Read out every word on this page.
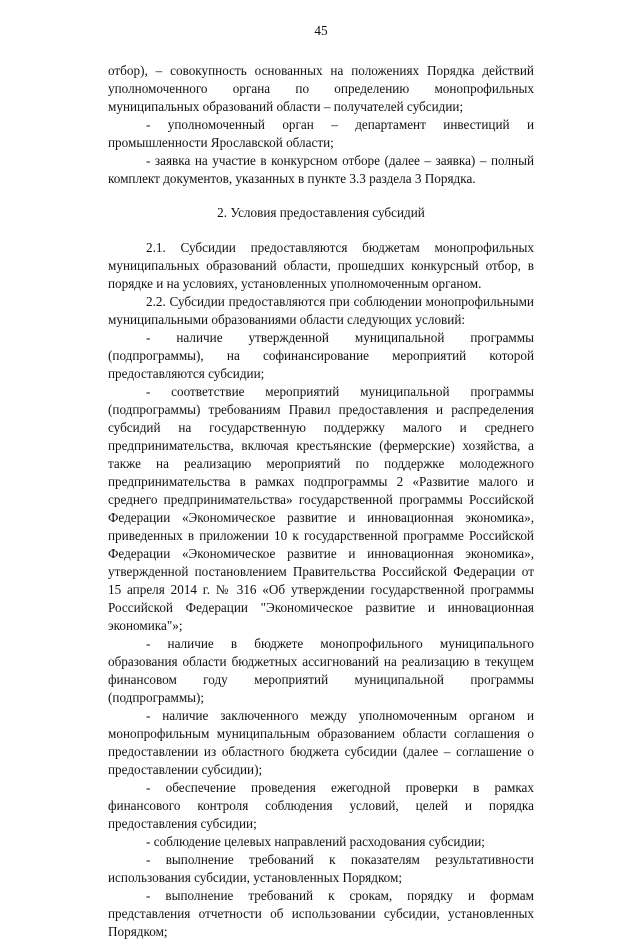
45

отбор), – совокупность основанных на положениях Порядка действий уполномоченного органа по определению монопрофильных муниципальных образований области – получателей субсидии;

- уполномоченный орган – департамент инвестиций и промышленности Ярославской области;

- заявка на участие в конкурсном отборе (далее – заявка) – полный комплект документов, указанных в пункте 3.3 раздела 3 Порядка.

2. Условия предоставления субсидий

2.1. Субсидии предоставляются бюджетам монопрофильных муниципальных образований области, прошедших конкурсный отбор, в порядке и на условиях, установленных уполномоченным органом.

2.2. Субсидии предоставляются при соблюдении монопрофильными муниципальными образованиями области следующих условий:

- наличие утвержденной муниципальной программы (подпрограммы), на софинансирование мероприятий которой предоставляются субсидии;

- соответствие мероприятий муниципальной программы (подпрограммы) требованиям Правил предоставления и распределения субсидий на государственную поддержку малого и среднего предпринимательства, включая крестьянские (фермерские) хозяйства, а также на реализацию мероприятий по поддержке молодежного предпринимательства в рамках подпрограммы 2 «Развитие малого и среднего предпринимательства» государственной программы Российской Федерации «Экономическое развитие и инновационная экономика», приведенных в приложении 10 к государственной программе Российской Федерации «Экономическое развитие и инновационная экономика», утвержденной постановлением Правительства Российской Федерации от 15 апреля 2014 г. № 316 «Об утверждении государственной программы Российской Федерации "Экономическое развитие и инновационная экономика"»;

- наличие в бюджете монопрофильного муниципального образования области бюджетных ассигнований на реализацию в текущем финансовом году мероприятий муниципальной программы (подпрограммы);

- наличие заключенного между уполномоченным органом и монопрофильным муниципальным образованием области соглашения о предоставлении из областного бюджета субсидии (далее – соглашение о предоставлении субсидии);

- обеспечение проведения ежегодной проверки в рамках финансового контроля соблюдения условий, целей и порядка предоставления субсидии;

- соблюдение целевых направлений расходования субсидии;

- выполнение требований к показателям результативности использования субсидии, установленных Порядком;

- выполнение требований к срокам, порядку и формам представления отчетности об использовании субсидии, установленных Порядком;
